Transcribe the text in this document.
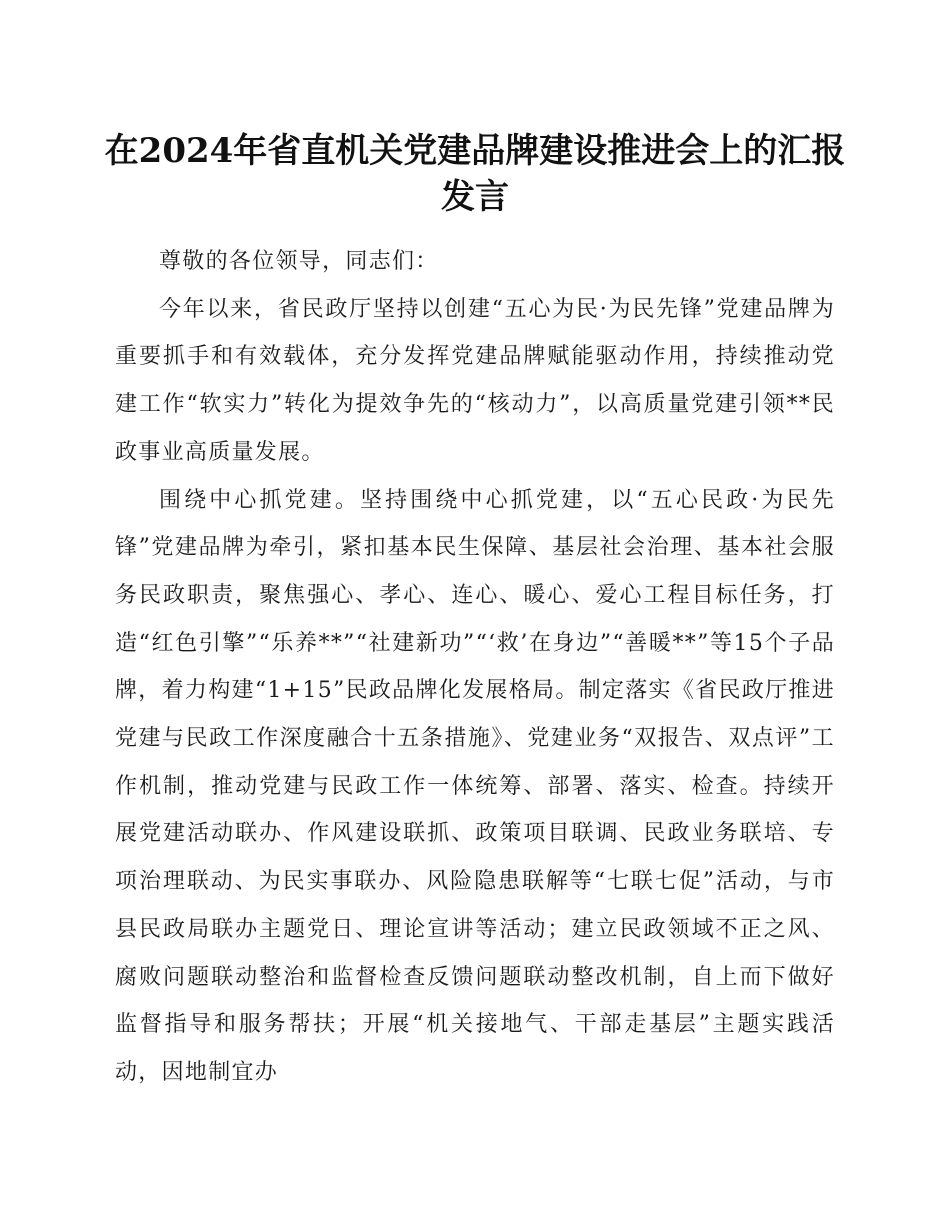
在2024年省直机关党建品牌建设推进会上的汇报发言

尊敬的各位领导，同志们：

今年以来，省民政厅坚持以创建“五心为民·为民先锋”党建品牌为重要抓手和有效载体，充分发挥党建品牌赋能驱动作用，持续推动党建工作“软实力”转化为提效争先的“核动力”，以高质量党建引领**民政事业高质量发展。

围绕中心抓党建。坚持围绕中心抓党建，以“五心民政·为民先锋”党建品牌为牵引，紧扣基本民生保障、基层社会治理、基本社会服务民政职责，聚焦强心、孝心、连心、暖心、爱心工程目标任务，打造“红色引擎”“乐养**”“社建新功”“‘救’在身边”“善暖**”等15个子品牌，着力构建“1+15”民政品牌化发展格局。制定落实《省民政厅推进党建与民政工作深度融合十五条措施》、党建业务“双报告、双点评”工作机制，推动党建与民政工作一体统筹、部署、落实、检查。持续开展党建活动联办、作风建设联抓、政策项目联调、民政业务联培、专项治理联动、为民实事联办、风险隐患联解等“七联七促”活动，与市县民政局联办主题党日、理论宣讲等活动；建立民政领域不正之风、腐败问题联动整治和监督检查反馈问题联动整改机制，自上而下做好监督指导和服务帮扶；开展“机关接地气、干部走基层”主题实践活动，因地制宜办
